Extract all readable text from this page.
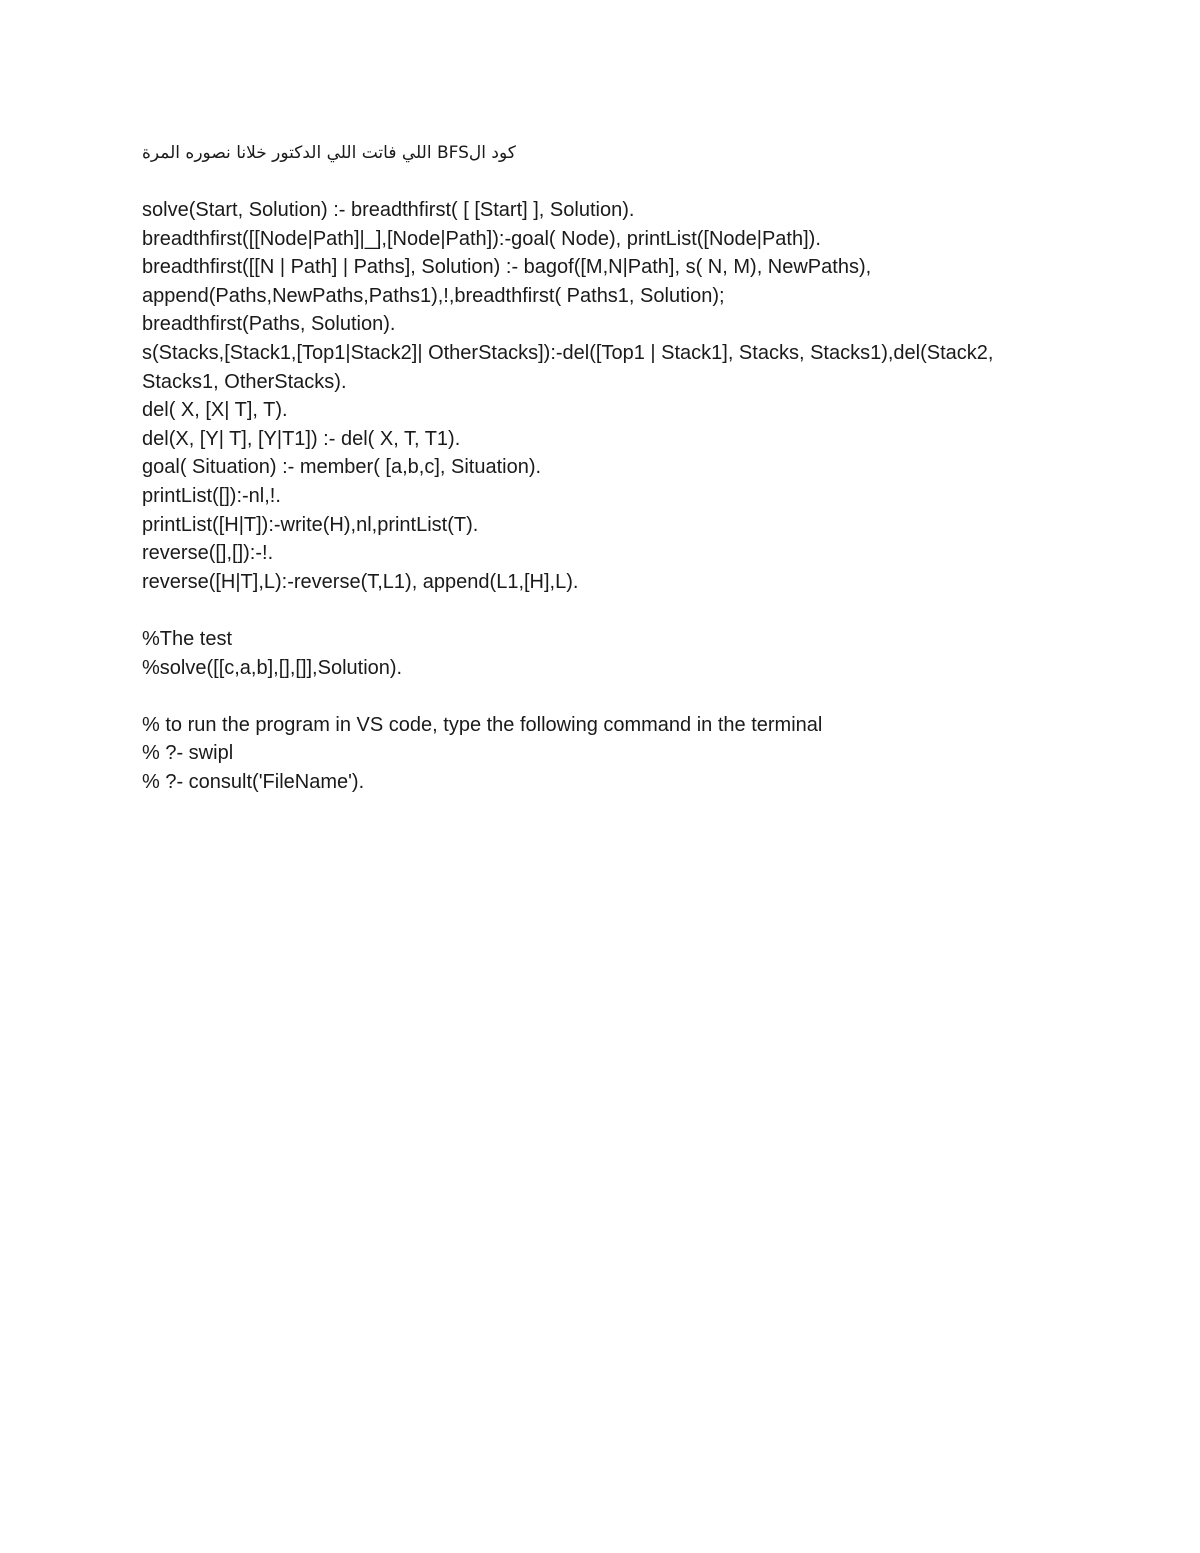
كود الBFS اللي فاتت اللي الدكتور خلانا نصوره المرة
solve(Start, Solution) :- breadthfirst( [ [Start] ], Solution).
breadthfirst([[Node|Path]|_],[Node|Path]):-goal( Node), printList([Node|Path]).
breadthfirst([[N | Path] | Paths], Solution) :- bagof([M,N|Path], s( N, M), NewPaths),
append(Paths,NewPaths,Paths1),!,breadthfirst( Paths1, Solution);
breadthfirst(Paths, Solution).
s(Stacks,[Stack1,[Top1|Stack2]| OtherStacks]):-del([Top1 | Stack1], Stacks, Stacks1),del(Stack2,
Stacks1, OtherStacks).
del( X, [X| T], T).
del(X, [Y| T], [Y|T1]) :- del( X, T, T1).
goal( Situation) :- member( [a,b,c], Situation).
printList([]):-nl,!.
printList([H|T]):-write(H),nl,printList(T).
reverse([],[]):-!.
reverse([H|T],L):-reverse(T,L1), append(L1,[H],L).
%The test
%solve([[c,a,b],[],[]],Solution).
% to run the program in VS code, type the following command in the terminal
% ?- swipl
% ?- consult('FileName').
